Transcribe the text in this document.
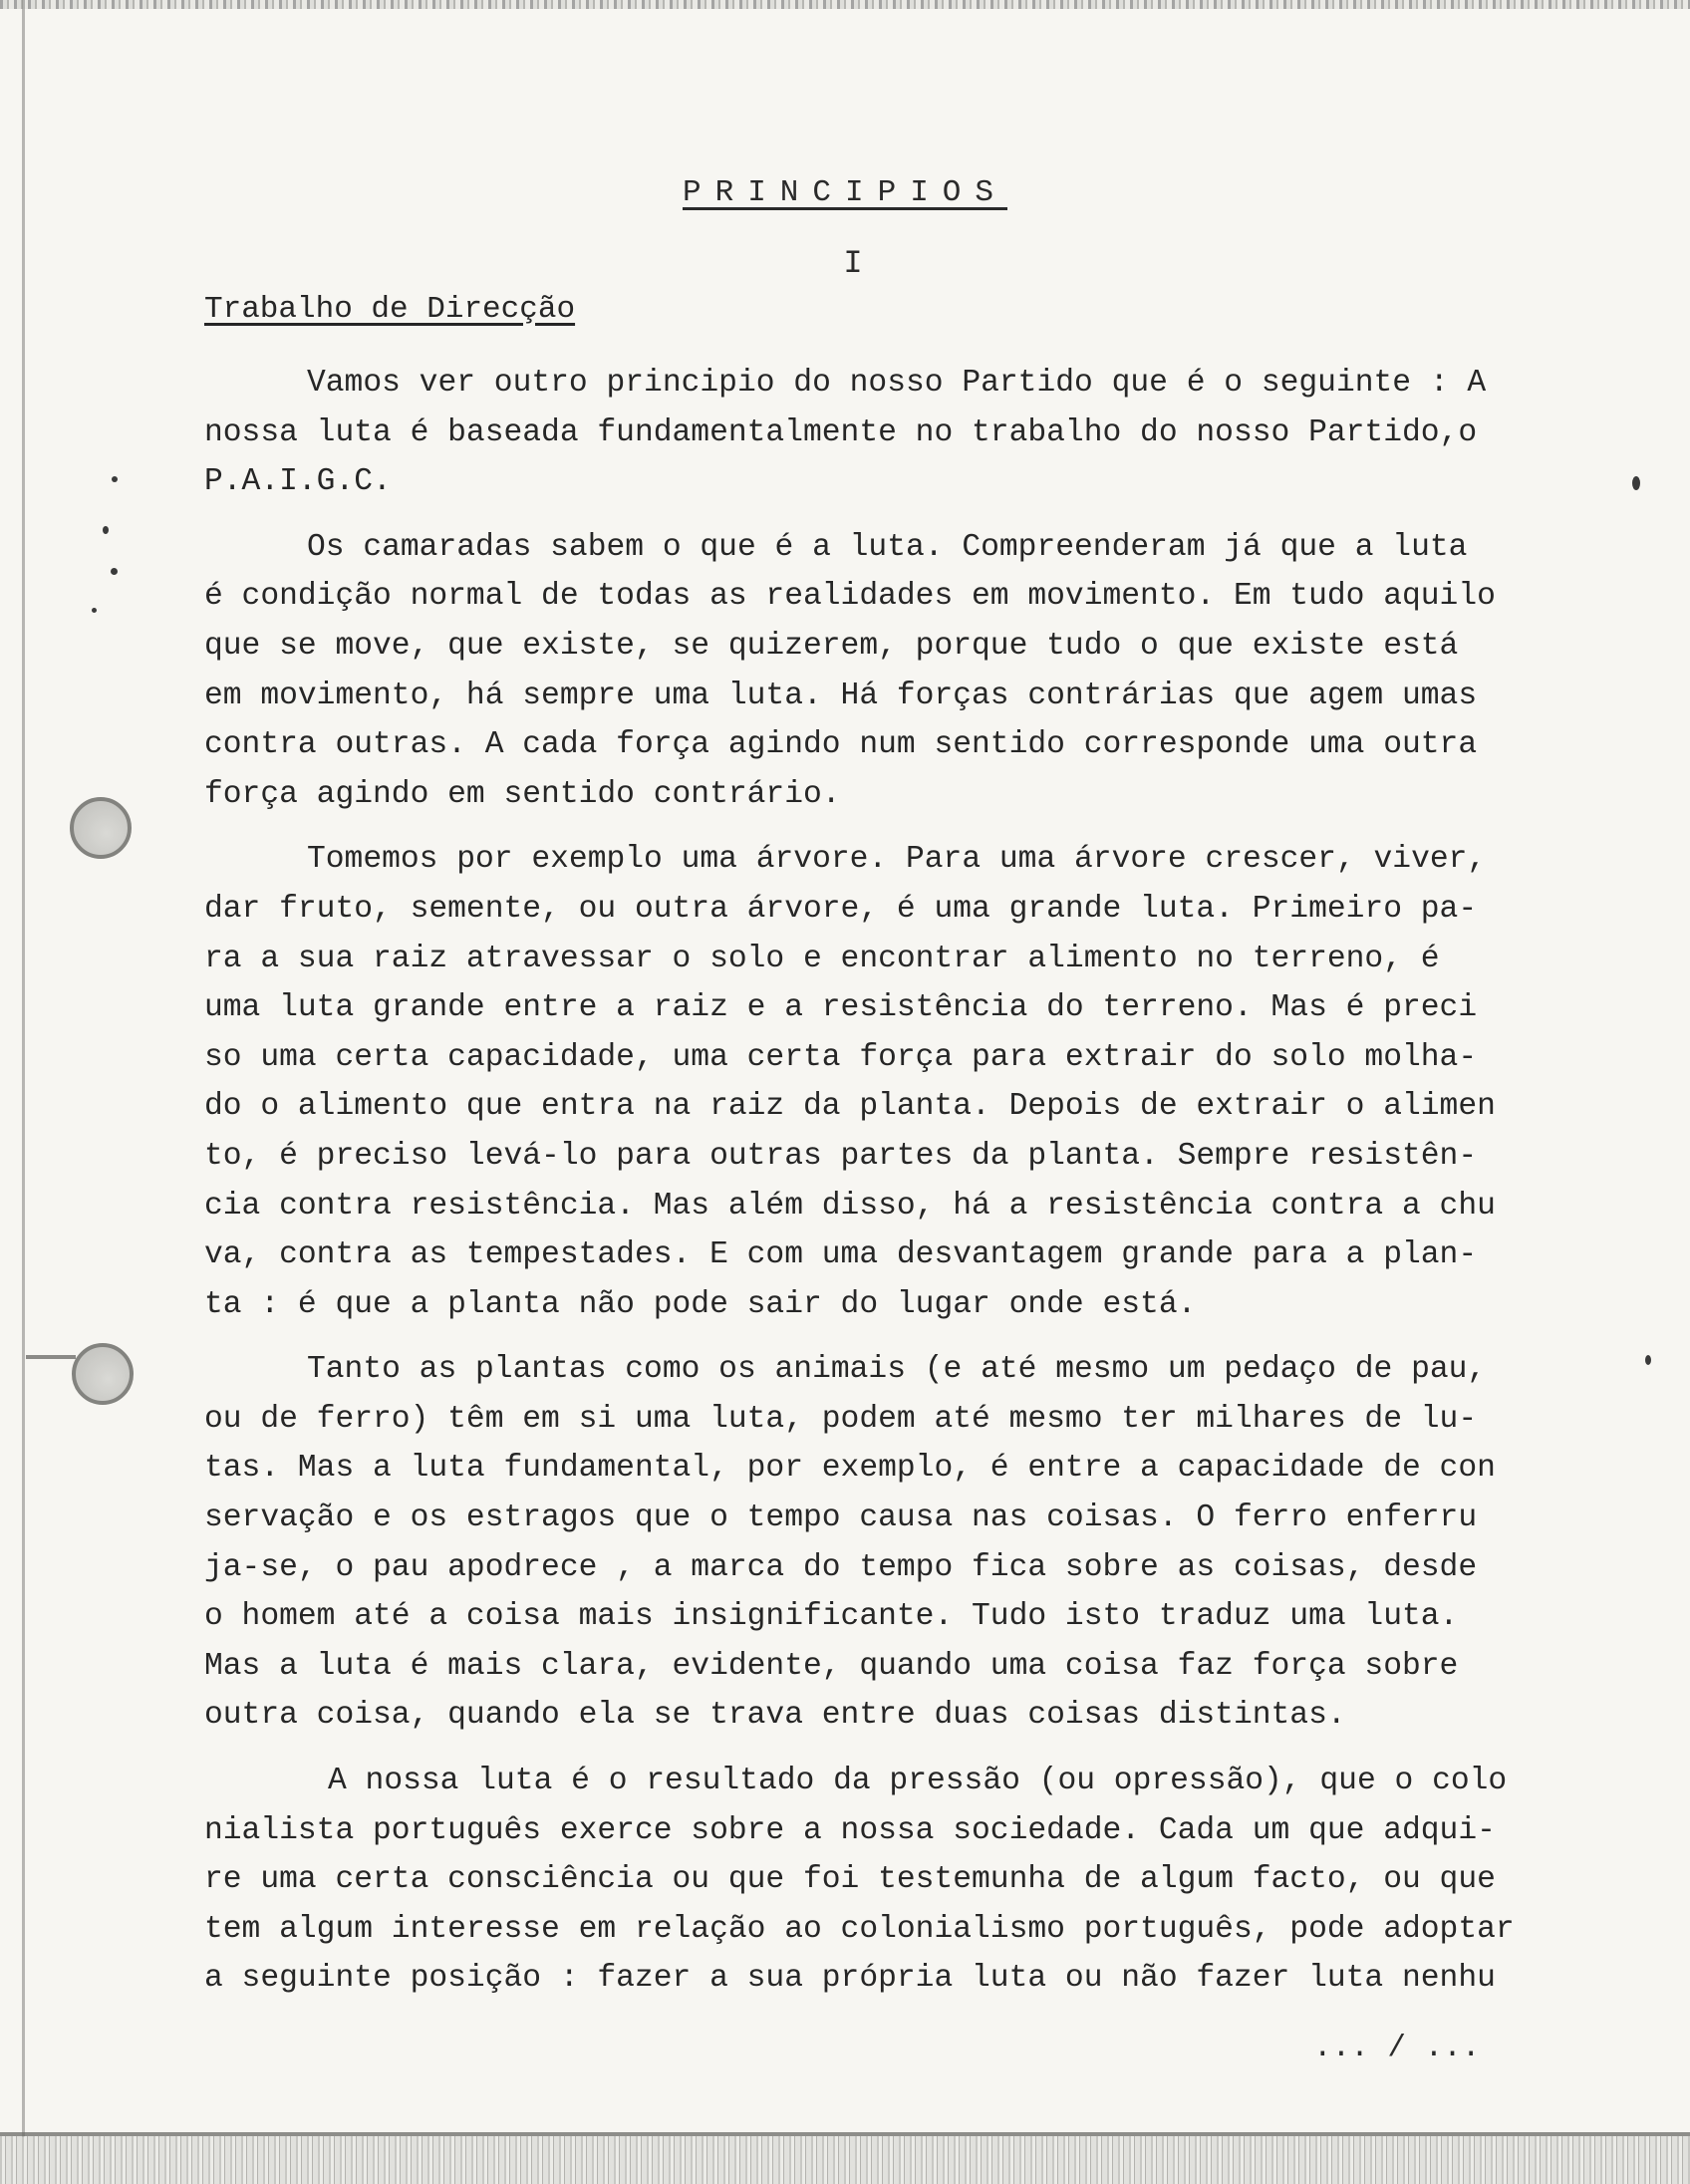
PRINCIPIOS
I
Trabalho de Direcção
Vamos ver outro principio do nosso Partido que é o seguinte : A
nossa luta é baseada fundamentalmente no trabalho do nosso Partido,o
P.A.I.G.C.
Os camaradas sabem o que é a luta. Compreenderam já que a luta
é condição normal de todas as realidades em movimento. Em tudo aquilo
que se move, que existe, se quizerem, porque tudo o que existe está
em movimento, há sempre uma luta. Há forças contrárias que agem umas
contra outras. A cada força agindo num sentido corresponde uma outra
força agindo em sentido contrário.
Tomemos por exemplo uma árvore. Para uma árvore crescer, viver,
dar fruto, semente, ou outra árvore, é uma grande luta. Primeiro pa-
ra a sua raiz atravessar o solo e encontrar alimento no terreno, é
uma luta grande entre a raiz e a resistência do terreno. Mas é preci
so uma certa capacidade, uma certa força para extrair do solo molha-
do o alimento que entra na raiz da planta. Depois de extrair o alimen
to, é preciso levá-lo para outras partes da planta. Sempre resistên-
cia contra resistência. Mas além disso, há a resistência contra a chu
va, contra as tempestades. E com uma desvantagem grande para a plan-
ta : é que a planta não pode sair do lugar onde está.
Tanto as plantas como os animais (e até mesmo um pedaço de pau,
ou de ferro) têm em si uma luta, podem até mesmo ter milhares de lu-
tas. Mas a luta fundamental, por exemplo, é entre a capacidade de con
servação e os estragos que o tempo causa nas coisas. O ferro enferru
ja-se, o pau apodrece , a marca do tempo fica sobre as coisas, desde
o homem até a coisa mais insignificante. Tudo isto traduz uma luta.
Mas a luta é mais clara, evidente, quando uma coisa faz força sobre
outra coisa, quando ela se trava entre duas coisas distintas.
A nossa luta é o resultado da pressão (ou opressão), que o colo
nialista português exerce sobre a nossa sociedade. Cada um que adqui-
re uma certa consciência ou que foi testemunha de algum facto, ou que
tem algum interesse em relação ao colonialismo português, pode adoptar
a seguinte posição : fazer a sua própria luta ou não fazer luta nenhu
... / ...
